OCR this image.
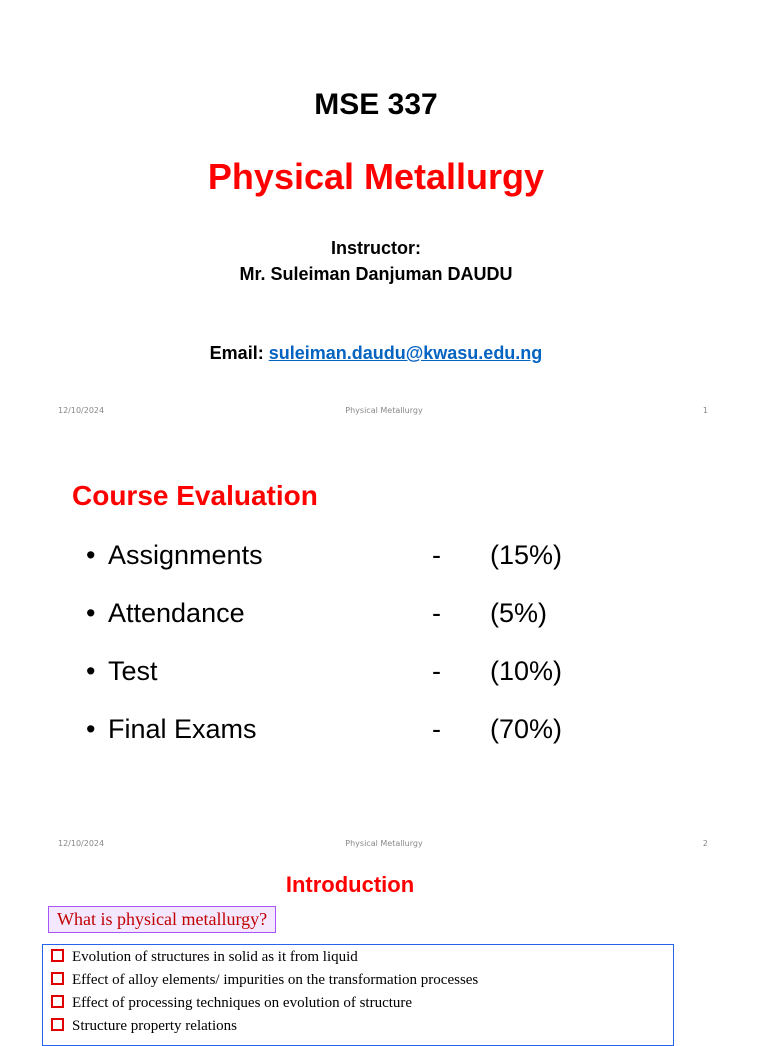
MSE 337
Physical Metallurgy
Instructor:
Mr. Suleiman Danjuman DAUDU
Email: suleiman.daudu@kwasu.edu.ng
12/10/2024	Physical Metallurgy	1
Course Evaluation
• Assignments	- (15%)
• Attendance	- (5%)
• Test	- (10%)
• Final Exams	- (70%)
12/10/2024	Physical Metallurgy	2
Introduction
What is physical metallurgy?
Evolution of structures in solid as it from liquid
Effect of alloy elements/ impurities on the transformation processes
Effect of processing techniques on evolution of structure
Structure property relations
